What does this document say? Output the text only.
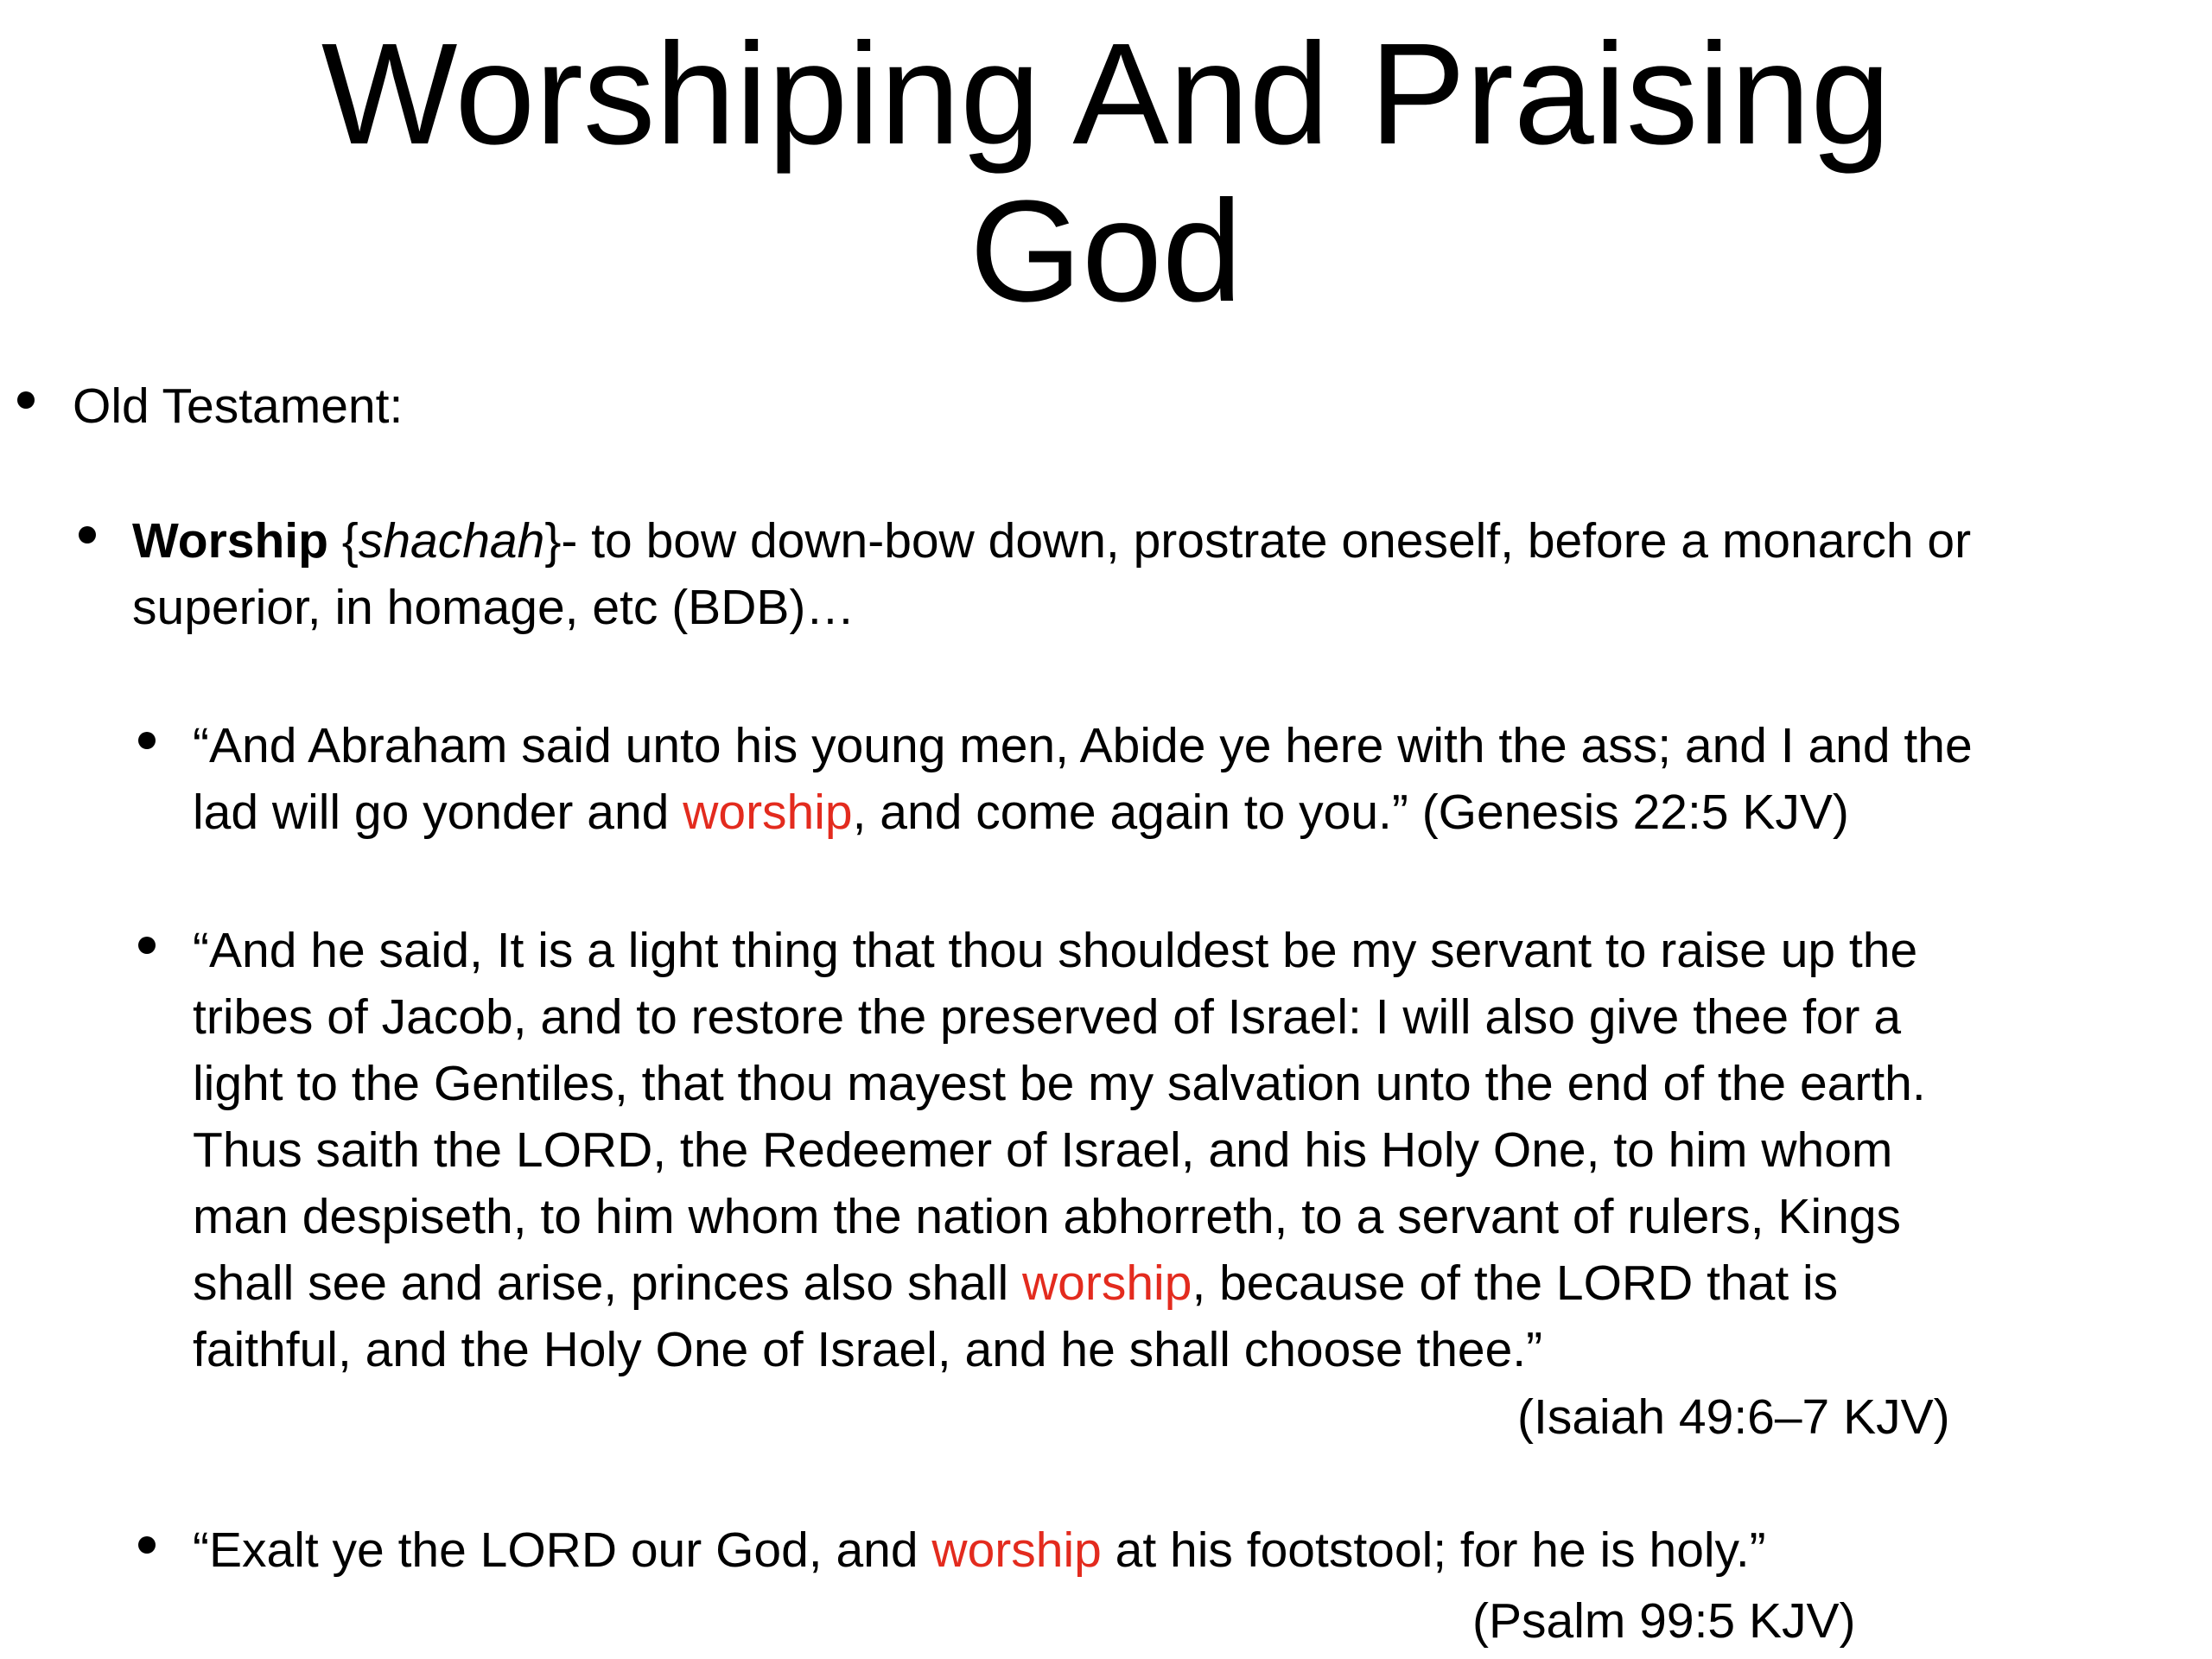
Worshiping And Praising
God
Old Testament:
Worship {shachah}- to bow down-bow down, prostrate oneself, before a monarch or
superior, in homage, etc (BDB)…
“And Abraham said unto his young men, Abide ye here with the ass; and I and the
lad will go yonder and worship, and come again to you.” (Genesis 22:5 KJV)
“And he said, It is a light thing that thou shouldest be my servant to raise up the
tribes of Jacob, and to restore the preserved of Israel: I will also give thee for a
light to the Gentiles, that thou mayest be my salvation unto the end of the earth.
Thus saith the LORD, the Redeemer of Israel, and his Holy One, to him whom
man despiseth, to him whom the nation abhorreth, to a servant of rulers, Kings
shall see and arise, princes also shall worship, because of the LORD that is
faithful, and the Holy One of Israel, and he shall choose thee.”
(Isaiah 49:6–7 KJV)
“Exalt ye the LORD our God, and worship at his footstool; for he is holy.”
(Psalm 99:5 KJV)
